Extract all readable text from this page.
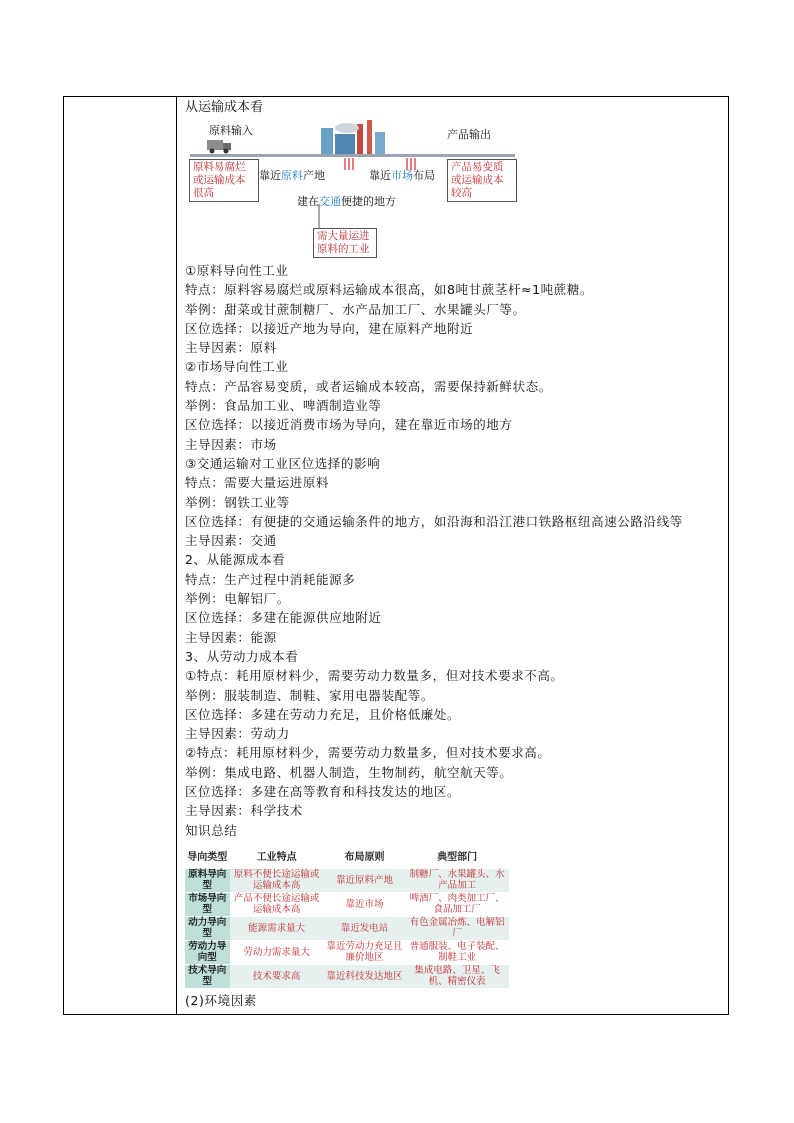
从运输成本看
原料输入	产品输出
原料易腐烂
或运输成本
很高
靠近原料产地	靠近市场布局
产品易变质
或运输成本
较高
建在交通便捷的地方
需大量运进
原料的工业
①原料导向性工业
特点：原料容易腐烂或原料运输成本很高，如8吨甘蔗茎杆≈1吨蔗糖。
举例：甜菜或甘蔗制糖厂、水产品加工厂、水果罐头厂等。
区位选择：以接近产地为导向，建在原料产地附近
主导因素：原料
②市场导向性工业
特点：产品容易变质，或者运输成本较高，需要保持新鲜状态。
举例：食品加工业、啤酒制造业等
区位选择：以接近消费市场为导向，建在靠近市场的地方
主导因素：市场
③交通运输对工业区位选择的影响
特点：需要大量运进原料
举例：钢铁工业等
区位选择：有便捷的交通运输条件的地方，如沿海和沿江港口铁路枢纽高速公路沿线等
主导因素：交通
2、从能源成本看
特点：生产过程中消耗能源多
举例：电解铝厂。
区位选择：多建在能源供应地附近
主导因素：能源
3、从劳动力成本看
①特点：耗用原材料少，需要劳动力数量多，但对技术要求不高。
举例：服装制造、制鞋、家用电器装配等。
区位选择：多建在劳动力充足，且价格低廉处。
主导因素：劳动力
②特点：耗用原材料少，需要劳动力数量多，但对技术要求高。
举例：集成电路、机器人制造，生物制药，航空航天等。
区位选择：多建在高等教育和科技发达的地区。
主导因素：科学技术
知识总结
导向类型	工业特点	布局原则	典型部门
原料导向型	原料不便长途运输或运输成本高	靠近原料产地	制糖厂、水果罐头、水产品加工
市场导向型	产品不便长途运输或运输成本高	靠近市场	啤酒厂、肉类加工厂、食品加工厂
动力导向型	能源需求量大	靠近发电站	有色金属冶炼、电解铝厂
劳动力导向型	劳动力需求量大	靠近劳动力充足且廉价地区	普通服装、电子装配、制鞋工业
技术导向型	技术要求高	靠近科技发达地区	集成电路、卫星、飞机、精密仪表
(2)环境因素
